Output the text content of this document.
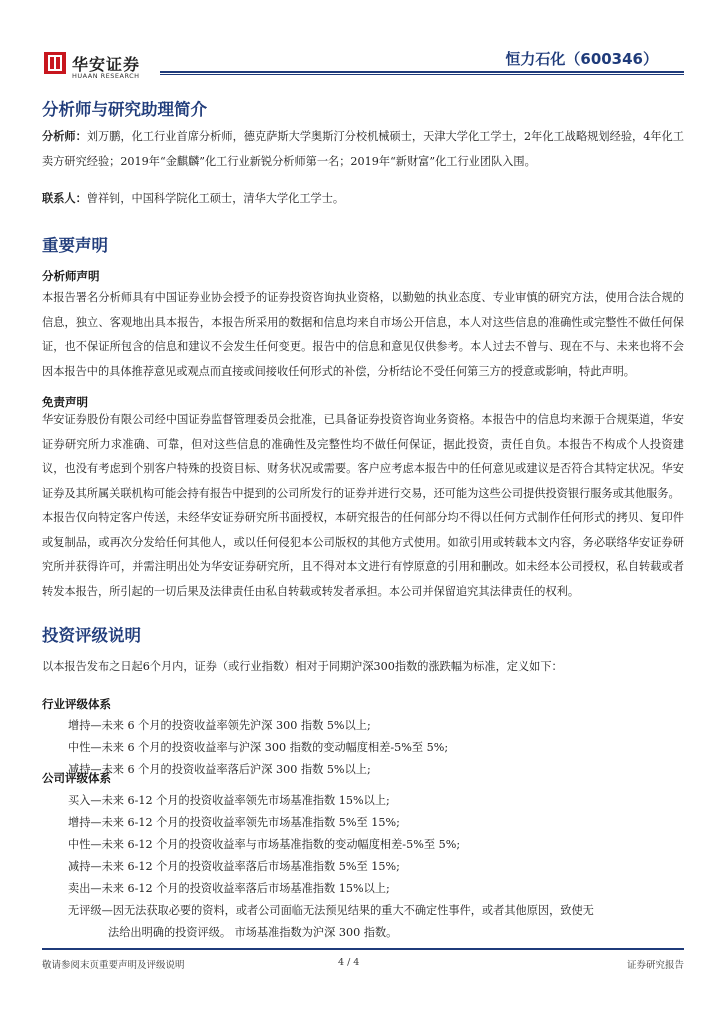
华安证券
HUAAN RESEARCH
恒力石化（600346）
分析师与研究助理简介
分析师：刘万鹏，化工行业首席分析师，德克萨斯大学奥斯汀分校机械硕士，天津大学化工学士，2年化工战略规划经验，4年化工卖方研究经验；2019年“金麒麟”化工行业新锐分析师第一名；2019年“新财富”化工行业团队入围。
联系人：曾祥钊，中国科学院化工硕士，清华大学化工学士。
重要声明
分析师声明
本报告署名分析师具有中国证券业协会授予的证券投资咨询执业资格，以勤勉的执业态度、专业审慎的研究方法，使用合法合规的信息，独立、客观地出具本报告，本报告所采用的数据和信息均来自市场公开信息，本人对这些信息的准确性或完整性不做任何保证，也不保证所包含的信息和建议不会发生任何变更。报告中的信息和意见仅供参考。本人过去不曾与、现在不与、未来也将不会因本报告中的具体推荐意见或观点而直接或间接收任何形式的补偿，分析结论不受任何第三方的授意或影响，特此声明。
免责声明
华安证券股份有限公司经中国证券监督管理委员会批准，已具备证券投资咨询业务资格。本报告中的信息均来源于合规渠道，华安证券研究所力求准确、可靠，但对这些信息的准确性及完整性均不做任何保证，据此投资，责任自负。本报告不构成个人投资建议，也没有考虑到个别客户特殊的投资目标、财务状况或需要。客户应考虑本报告中的任何意见或建议是否符合其特定状况。华安证券及其所属关联机构可能会持有报告中提到的公司所发行的证券并进行交易，还可能为这些公司提供投资银行服务或其他服务。
本报告仅向特定客户传送，未经华安证券研究所书面授权，本研究报告的任何部分均不得以任何方式制作任何形式的拷贝、复印件或复制品，或再次分发给任何其他人，或以任何侵犯本公司版权的其他方式使用。如欲引用或转载本文内容，务必联络华安证券研究所并获得许可，并需注明出处为华安证券研究所，且不得对本文进行有悖原意的引用和删改。如未经本公司授权，私自转载或者转发本报告，所引起的一切后果及法律责任由私自转载或转发者承担。本公司并保留追究其法律责任的权利。
投资评级说明
以本报告发布之日起6个月内，证券（或行业指数）相对于同期沪深300指数的涨跌幅为标准，定义如下：
行业评级体系
增持—未来 6 个月的投资收益率领先沪深 300 指数 5%以上;
中性—未来 6 个月的投资收益率与沪深 300 指数的变动幅度相差-5%至 5%;
减持—未来 6 个月的投资收益率落后沪深 300 指数 5%以上;
公司评级体系
买入—未来 6-12 个月的投资收益率领先市场基准指数 15%以上;
增持—未来 6-12 个月的投资收益率领先市场基准指数 5%至 15%;
中性—未来 6-12 个月的投资收益率与市场基准指数的变动幅度相差-5%至 5%;
减持—未来 6-12 个月的投资收益率落后市场基准指数 5%至 15%;
卖出—未来 6-12 个月的投资收益率落后市场基准指数 15%以上;
无评级—因无法获取必要的资料，或者公司面临无法预见结果的重大不确定性事件，或者其他原因，致使无
法给出明确的投资评级。 市场基准指数为沪深 300 指数。
敬请参阅末页重要声明及评级说明	4 / 4	证券研究报告
